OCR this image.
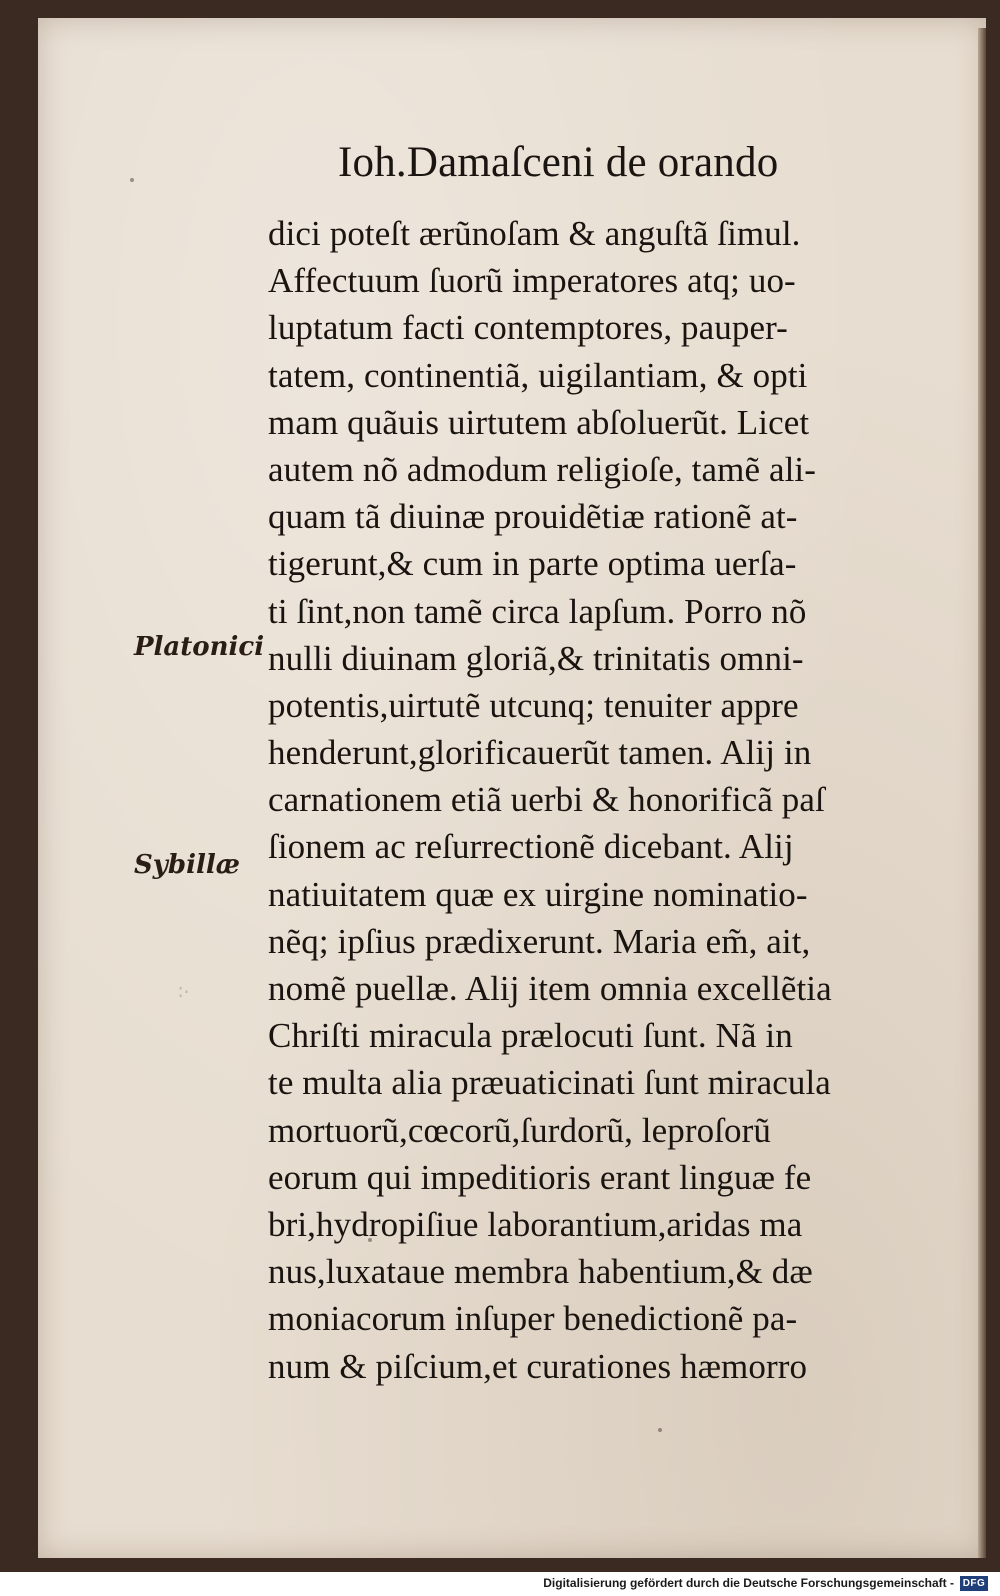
Ioh.Damaſceni de orando
dici poteſt ærũnoſam & anguſtã ſimul.
Affectuum ſuorũ imperatores atq; uo-
luptatum facti contemptores, pauper-
tatem, continentiã, uigilantiam, & opti
mam quãuis uirtutem abſoluerũt. Licet
autem nõ admodum religioſe, tamẽ ali-
quam tã diuinæ prouidẽtiæ rationẽ at-
tigerunt,& cum in parte optima uerſa-
ti ſint,non tamẽ circa lapſum. Porro nõ
nulli diuinam gloriã,& trinitatis omni-
potentis,uirtutẽ utcunq; tenuiter appre
henderunt,glorificauerũt tamen. Alij in
carnationem etiã uerbi & honorificã paſ
ſionem ac reſurrectionẽ dicebant. Alij
natiuitatem quæ ex uirgine nominatio-
nẽq; ipſius prædixerunt. Maria em̃, ait,
nomẽ puellæ. Alij item omnia excellẽtia
Chriſti miracula prælocuti ſunt. Nã in
te multa alia præuaticinati ſunt miracula
mortuorũ,cœcorũ,ſurdorũ, leproſorũ
eorum qui impeditioris erant linguæ fe
bri,hydropiſiue laborantium,aridas ma
nus,luxataue membra habentium,& dæ
moniacorum inſuper benedictionẽ pa-
num & piſcium,et curationes hæmorro
Platonici
Sybillæ
∶‧
Digitalisierung gefördert durch die Deutsche Forschungsgemeinschaft - DFG
